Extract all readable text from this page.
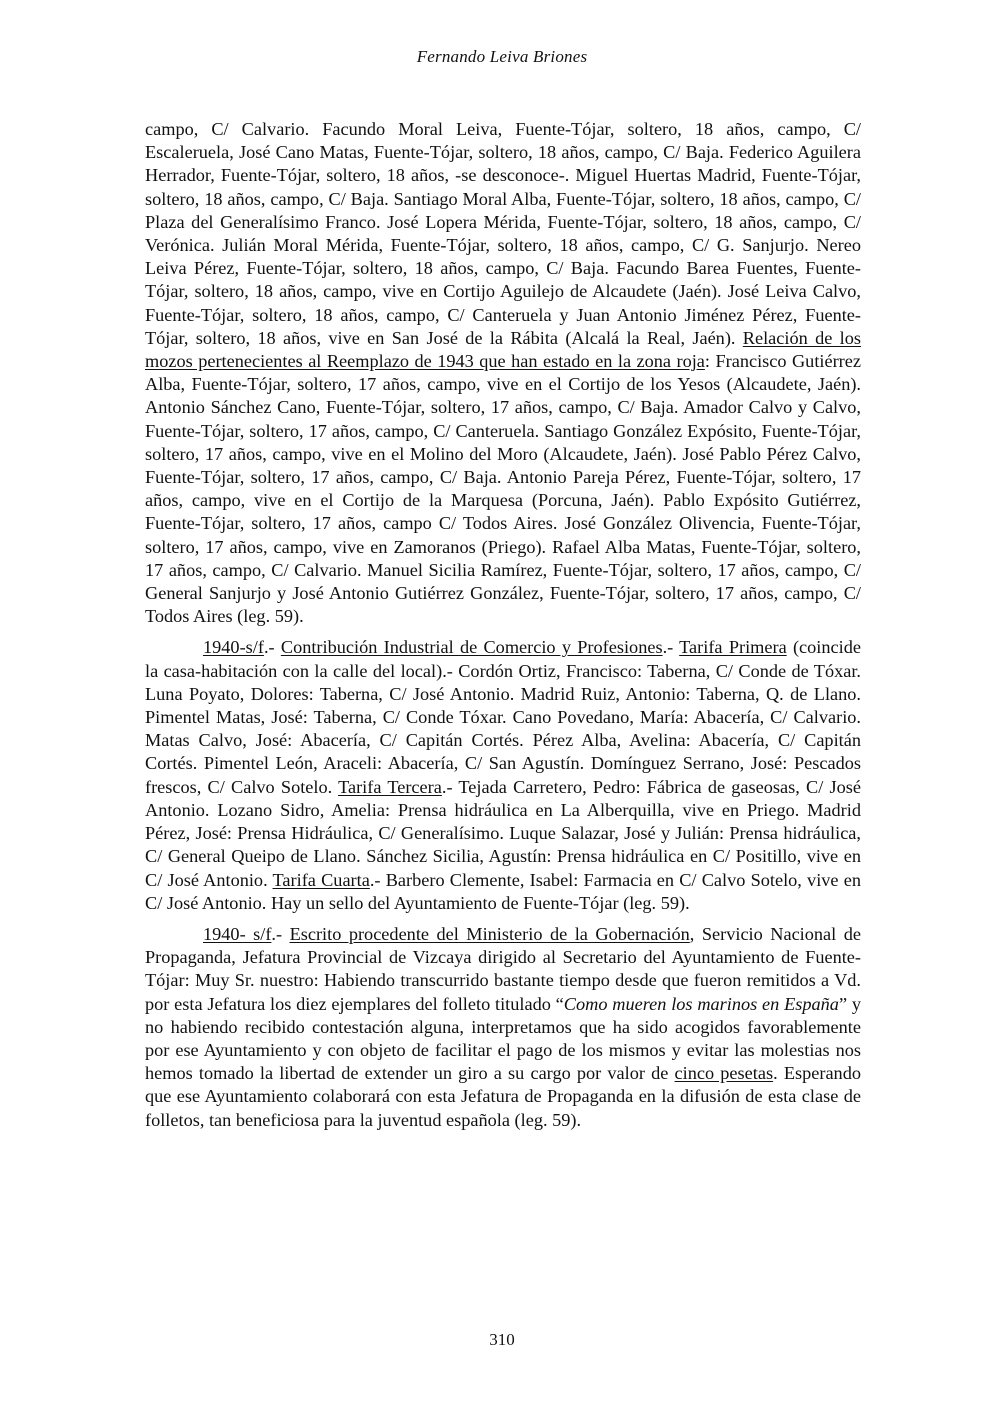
Fernando Leiva Briones

campo, C/ Calvario. Facundo Moral Leiva, Fuente-Tójar, soltero, 18 años, campo, C/ Escaleruela, José Cano Matas, Fuente-Tójar, soltero, 18 años, campo, C/ Baja. Federico Aguilera Herrador, Fuente-Tójar, soltero, 18 años, -se desconoce-. Miguel Huertas Madrid, Fuente-Tójar, soltero, 18 años, campo, C/ Baja. Santiago Moral Alba, Fuente-Tójar, soltero, 18 años, campo, C/ Plaza del Generalísimo Franco. José Lopera Mérida, Fuente-Tójar, soltero, 18 años, campo, C/ Verónica. Julián Moral Mérida, Fuente-Tójar, soltero, 18 años, campo, C/ G. Sanjurjo. Nereo Leiva Pérez, Fuente-Tójar, soltero, 18 años, campo, C/ Baja. Facundo Barea Fuentes, Fuente-Tójar, soltero, 18 años, campo, vive en Cortijo Aguilejo de Alcaudete (Jaén). José Leiva Calvo, Fuente-Tójar, soltero, 18 años, campo, C/ Canteruela y Juan Antonio Jiménez Pérez, Fuente-Tójar, soltero, 18 años, vive en San José de la Rábita (Alcalá la Real, Jaén). Relación de los mozos pertenecientes al Reemplazo de 1943 que han estado en la zona roja: Francisco Gutiérrez Alba, Fuente-Tójar, soltero, 17 años, campo, vive en el Cortijo de los Yesos (Alcaudete, Jaén). Antonio Sánchez Cano, Fuente-Tójar, soltero, 17 años, campo, C/ Baja. Amador Calvo y Calvo, Fuente-Tójar, soltero, 17 años, campo, C/ Canteruela. Santiago González Expósito, Fuente-Tójar, soltero, 17 años, campo, vive en el Molino del Moro (Alcaudete, Jaén). José Pablo Pérez Calvo, Fuente-Tójar, soltero, 17 años, campo, C/ Baja. Antonio Pareja Pérez, Fuente-Tójar, soltero, 17 años, campo, vive en el Cortijo de la Marquesa (Porcuna, Jaén). Pablo Expósito Gutiérrez, Fuente-Tójar, soltero, 17 años, campo C/ Todos Aires. José González Olivencia, Fuente-Tójar, soltero, 17 años, campo, vive en Zamoranos (Priego). Rafael Alba Matas, Fuente-Tójar, soltero, 17 años, campo, C/ Calvario. Manuel Sicilia Ramírez, Fuente-Tójar, soltero, 17 años, campo, C/ General Sanjurjo y José Antonio Gutiérrez González, Fuente-Tójar, soltero, 17 años, campo, C/ Todos Aires (leg. 59).

1940-s/f.- Contribución Industrial de Comercio y Profesiones.- Tarifa Primera (coincide la casa-habitación con la calle del local).- Cordón Ortiz, Francisco: Taberna, C/ Conde de Tóxar. Luna Poyato, Dolores: Taberna, C/ José Antonio. Madrid Ruiz, Antonio: Taberna, Q. de Llano. Pimentel Matas, José: Taberna, C/ Conde Tóxar. Cano Povedano, María: Abacería, C/ Calvario. Matas Calvo, José: Abacería, C/ Capitán Cortés. Pérez Alba, Avelina: Abacería, C/ Capitán Cortés. Pimentel León, Araceli: Abacería, C/ San Agustín. Domínguez Serrano, José: Pescados frescos, C/ Calvo Sotelo. Tarifa Tercera.- Tejada Carretero, Pedro: Fábrica de gaseosas, C/ José Antonio. Lozano Sidro, Amelia: Prensa hidráulica en La Alberquilla, vive en Priego. Madrid Pérez, José: Prensa Hidráulica, C/ Generalísimo. Luque Salazar, José y Julián: Prensa hidráulica, C/ General Queipo de Llano. Sánchez Sicilia, Agustín: Prensa hidráulica en C/ Positillo, vive en C/ José Antonio. Tarifa Cuarta.- Barbero Clemente, Isabel: Farmacia en C/ Calvo Sotelo, vive en C/ José Antonio. Hay un sello del Ayuntamiento de Fuente-Tójar (leg. 59).

1940- s/f.- Escrito procedente del Ministerio de la Gobernación, Servicio Nacional de Propaganda, Jefatura Provincial de Vizcaya dirigido al Secretario del Ayuntamiento de Fuente-Tójar: Muy Sr. nuestro: Habiendo transcurrido bastante tiempo desde que fueron remitidos a Vd. por esta Jefatura los diez ejemplares del folleto titulado “Como mueren los marinos en España” y no habiendo recibido contestación alguna, interpretamos que ha sido acogidos favorablemente por ese Ayuntamiento y con objeto de facilitar el pago de los mismos y evitar las molestias nos hemos tomado la libertad de extender un giro a su cargo por valor de cinco pesetas. Esperando que ese Ayuntamiento colaborará con esta Jefatura de Propaganda en la difusión de esta clase de folletos, tan beneficiosa para la juventud española (leg. 59).

310
